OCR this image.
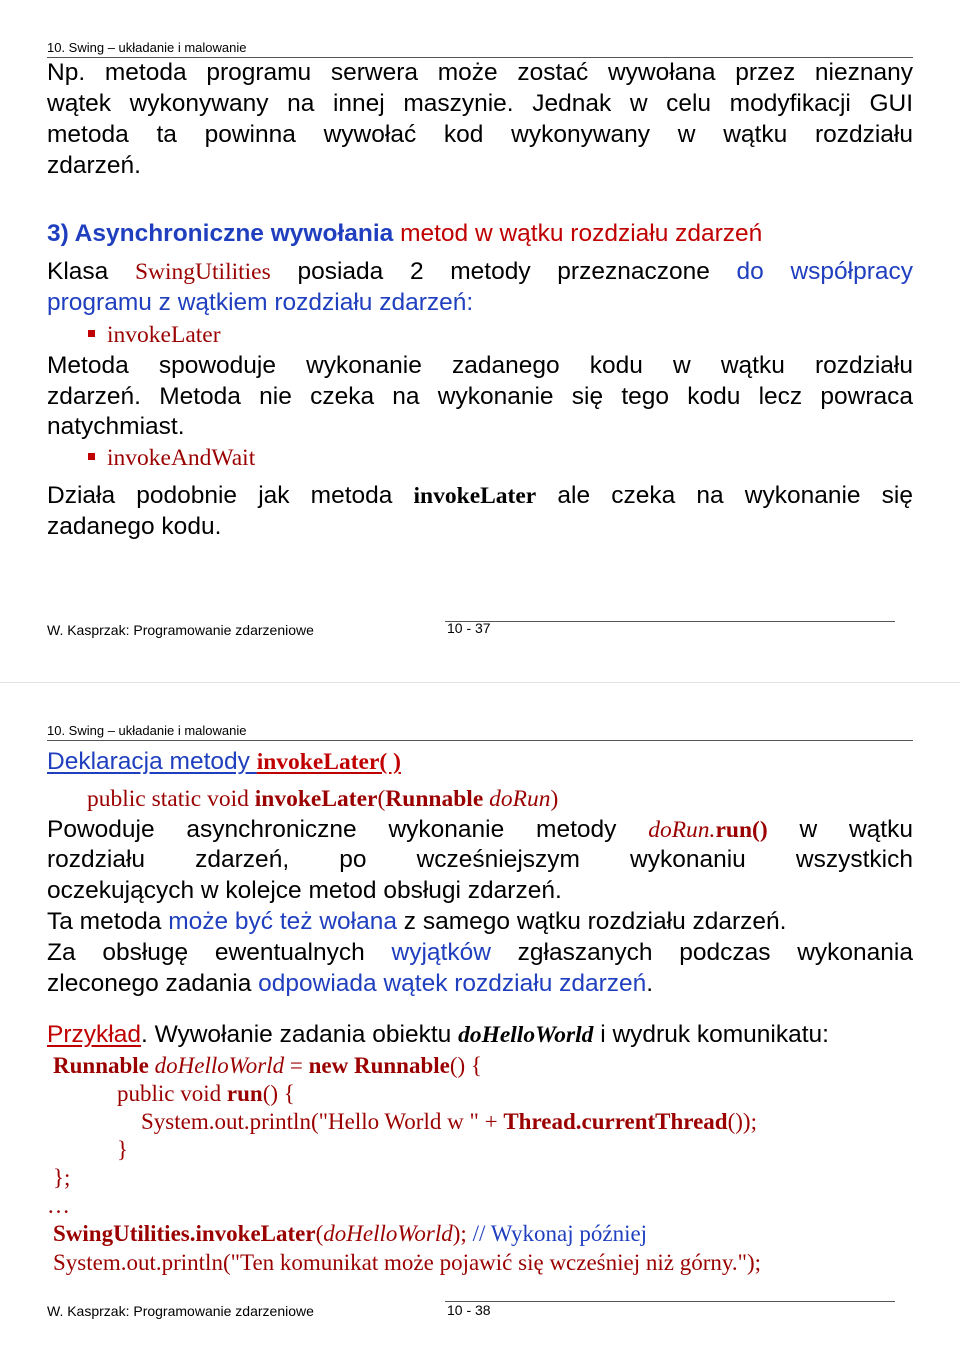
10. Swing – układanie i malowanie
Np. metoda programu serwera może zostać wywołana przez nieznany
wątek wykonywany na innej maszynie. Jednak w celu modyfikacji GUI
metoda ta powinna wywołać kod wykonywany w wątku rozdziału
zdarzeń.
3) Asynchroniczne wywołania metod w wątku rozdziału zdarzeń
Klasa SwingUtilities posiada 2 metody przeznaczone do współpracy
programu z wątkiem rozdziału zdarzeń:
invokeLater
Metoda spowoduje wykonanie zadanego kodu w wątku rozdziału
zdarzeń. Metoda nie czeka na wykonanie się tego kodu lecz powraca
natychmiast.
invokeAndWait
Działa podobnie jak metoda invokeLater ale czeka na wykonanie się
zadanego kodu.
W. Kasprzak: Programowanie zdarzeniowe	10 - 37
10. Swing – układanie i malowanie
Deklaracja metody invokeLater( )
public static void invokeLater(Runnable doRun)
Powoduje asynchroniczne wykonanie metody doRun.run() w wątku
rozdziału zdarzeń, po wcześniejszym wykonaniu wszystkich
oczekujących w kolejce metod obsługi zdarzeń.
Ta metoda może być też wołana z samego wątku rozdziału zdarzeń.
Za obsługę ewentualnych wyjątków zgłaszanych podczas wykonania
zleconego zadania odpowiada wątek rozdziału zdarzeń.
Przykład. Wywołanie zadania obiektu doHelloWorld i wydruk komunikatu:
Runnable doHelloWorld = new Runnable() {
public void run() {
System.out.println("Hello World w " + Thread.currentThread());
}
};
…
SwingUtilities.invokeLater(doHelloWorld); // Wykonaj później
System.out.println("Ten komunikat może pojawić się wcześniej niż górny.");
W. Kasprzak: Programowanie zdarzeniowe	10 - 38
